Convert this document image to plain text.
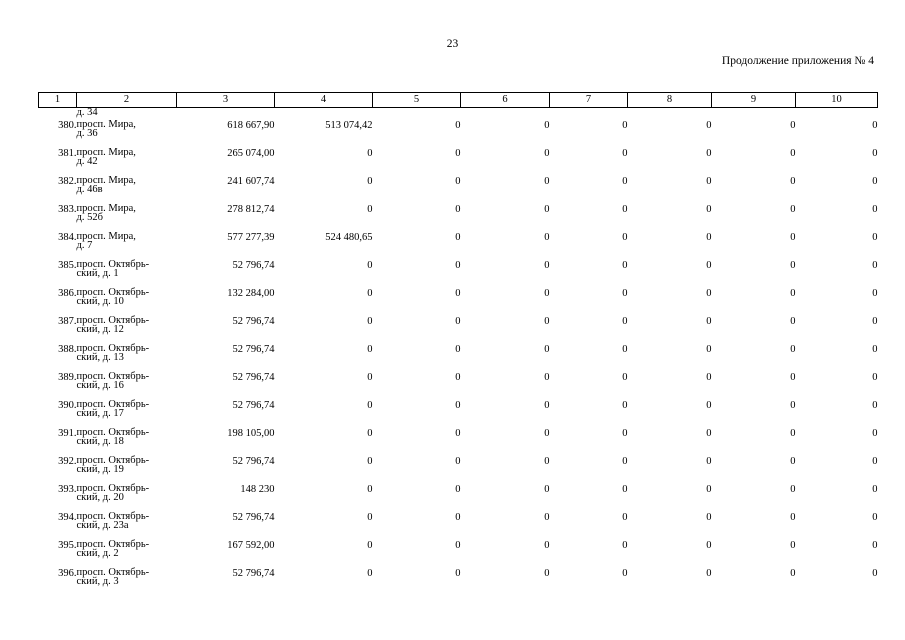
23
Продолжение приложения № 4
1	2	3	4	5	6	7	8	9	10
	д. 34								
380.	просп. Мира,
д. 36	618 667,90	513 074,42	0	0	0	0	0	0
381.	просп. Мира,
д. 42	265 074,00	0	0	0	0	0	0	0
382.	просп. Мира,
д. 46в	241 607,74	0	0	0	0	0	0	0
383.	просп. Мира,
д. 52б	278 812,74	0	0	0	0	0	0	0
384.	просп. Мира,
д. 7	577 277,39	524 480,65	0	0	0	0	0	0
385.	просп. Октябрь-
ский, д. 1	52 796,74	0	0	0	0	0	0	0
386.	просп. Октябрь-
ский, д. 10	132 284,00	0	0	0	0	0	0	0
387.	просп. Октябрь-
ский, д. 12	52 796,74	0	0	0	0	0	0	0
388.	просп. Октябрь-
ский, д. 13	52 796,74	0	0	0	0	0	0	0
389.	просп. Октябрь-
ский, д. 16	52 796,74	0	0	0	0	0	0	0
390.	просп. Октябрь-
ский, д. 17	52 796,74	0	0	0	0	0	0	0
391.	просп. Октябрь-
ский, д. 18	198 105,00	0	0	0	0	0	0	0
392.	просп. Октябрь-
ский, д. 19	52 796,74	0	0	0	0	0	0	0
393.	просп. Октябрь-
ский, д. 20	148 230	0	0	0	0	0	0	0
394.	просп. Октябрь-
ский, д. 23а	52 796,74	0	0	0	0	0	0	0
395.	просп. Октябрь-
ский, д. 2	167 592,00	0	0	0	0	0	0	0
396.	просп. Октябрь-
ский, д. 3	52 796,74	0	0	0	0	0	0	0
